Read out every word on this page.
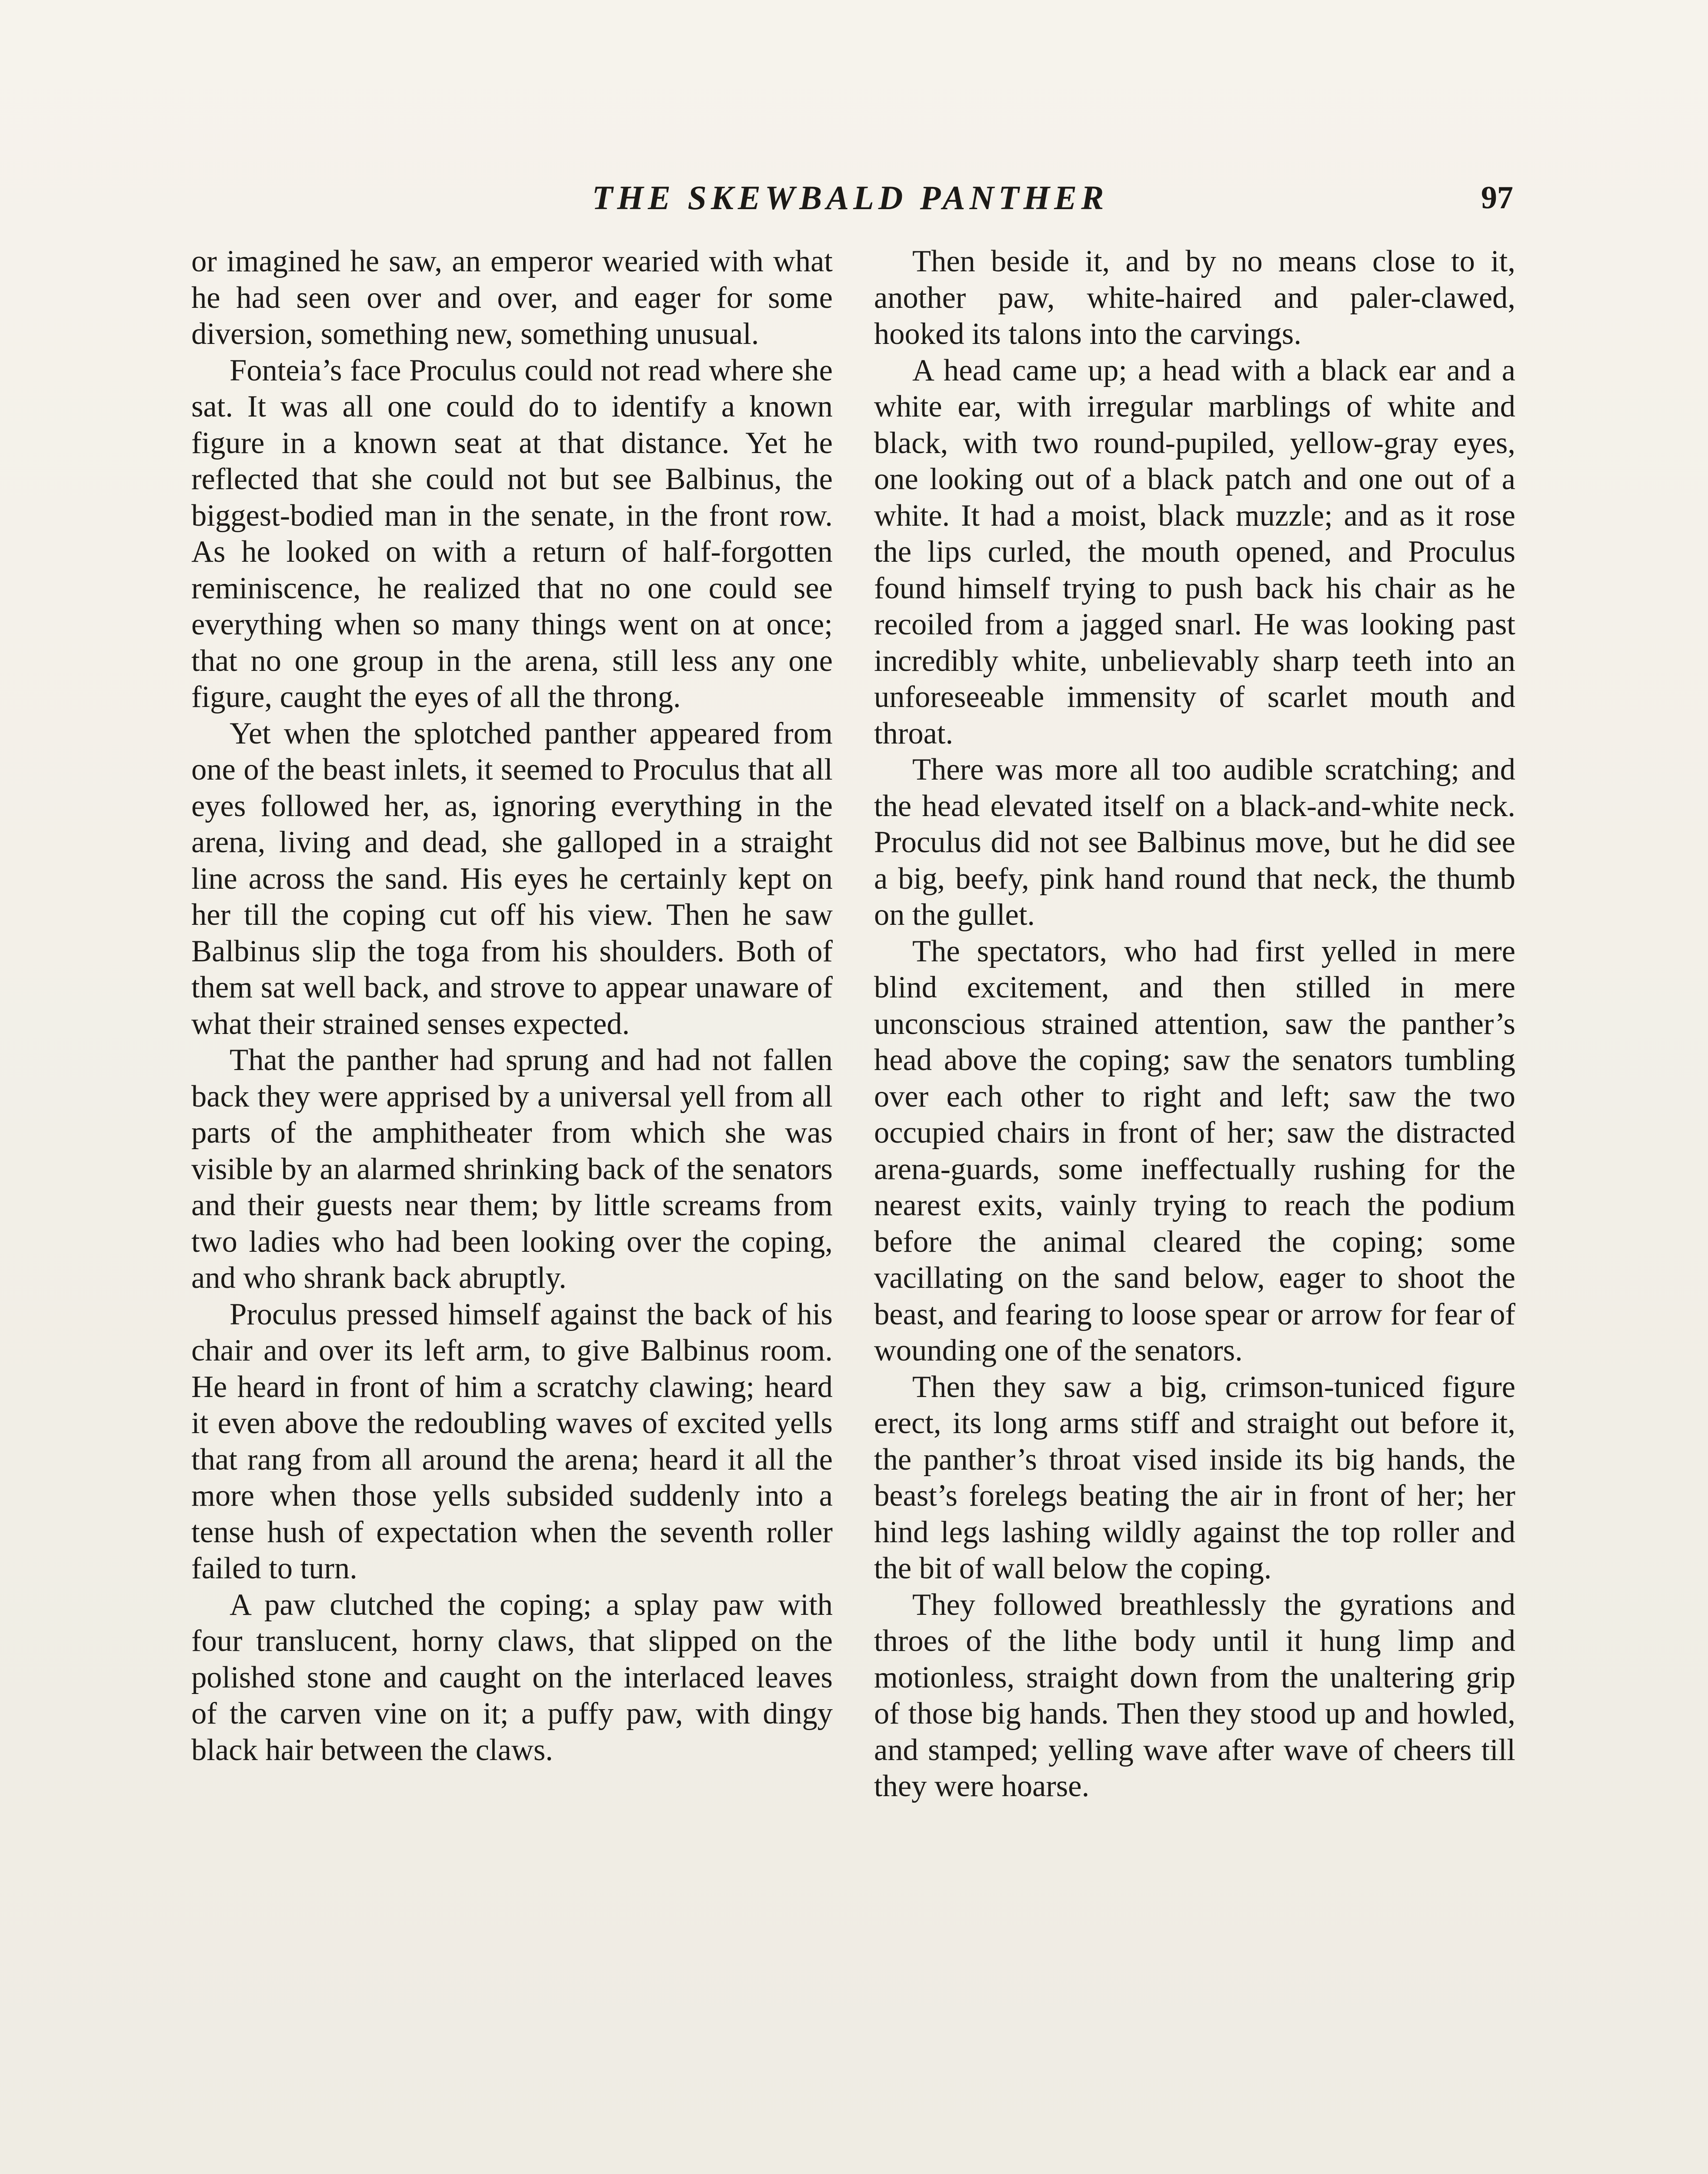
THE SKEWBALD PANTHER	97

or imagined he saw, an emperor wearied with what he had seen over and over, and eager for some diversion, something new, something unusual.

Fonteia’s face Proculus could not read where she sat. It was all one could do to identify a known figure in a known seat at that distance. Yet he reflected that she could not but see Balbinus, the biggest-bodied man in the senate, in the front row. As he looked on with a return of half-forgotten reminiscence, he realized that no one could see everything when so many things went on at once; that no one group in the arena, still less any one figure, caught the eyes of all the throng.

Yet when the splotched panther appeared from one of the beast inlets, it seemed to Proculus that all eyes followed her, as, ignoring everything in the arena, living and dead, she galloped in a straight line across the sand. His eyes he certainly kept on her till the coping cut off his view. Then he saw Balbinus slip the toga from his shoulders. Both of them sat well back, and strove to appear unaware of what their strained senses expected.

That the panther had sprung and had not fallen back they were apprised by a universal yell from all parts of the amphitheater from which she was visible by an alarmed shrinking back of the senators and their guests near them; by little screams from two ladies who had been looking over the coping, and who shrank back abruptly.

Proculus pressed himself against the back of his chair and over its left arm, to give Balbinus room. He heard in front of him a scratchy clawing; heard it even above the redoubling waves of excited yells that rang from all around the arena; heard it all the more when those yells subsided suddenly into a tense hush of expectation when the seventh roller failed to turn.

A paw clutched the coping; a splay paw with four translucent, horny claws, that slipped on the polished stone and caught on the interlaced leaves of the carven vine on it; a puffy paw, with dingy black hair between the claws.

Then beside it, and by no means close to it, another paw, white-haired and paler-clawed, hooked its talons into the carvings.

A head came up; a head with a black ear and a white ear, with irregular marblings of white and black, with two round-pupiled, yellow-gray eyes, one looking out of a black patch and one out of a white. It had a moist, black muzzle; and as it rose the lips curled, the mouth opened, and Proculus found himself trying to push back his chair as he recoiled from a jagged snarl. He was looking past incredibly white, unbelievably sharp teeth into an unforeseeable immensity of scarlet mouth and throat.

There was more all too audible scratching; and the head elevated itself on a black-and-white neck. Proculus did not see Balbinus move, but he did see a big, beefy, pink hand round that neck, the thumb on the gullet.

The spectators, who had first yelled in mere blind excitement, and then stilled in mere unconscious strained attention, saw the panther’s head above the coping; saw the senators tumbling over each other to right and left; saw the two occupied chairs in front of her; saw the distracted arena-guards, some ineffectually rushing for the nearest exits, vainly trying to reach the podium before the animal cleared the coping; some vacillating on the sand below, eager to shoot the beast, and fearing to loose spear or arrow for fear of wounding one of the senators.

Then they saw a big, crimson-tuniced figure erect, its long arms stiff and straight out before it, the panther’s throat vised inside its big hands, the beast’s forelegs beating the air in front of her; her hind legs lashing wildly against the top roller and the bit of wall below the coping.

They followed breathlessly the gyrations and throes of the lithe body until it hung limp and motionless, straight down from the unaltering grip of those big hands. Then they stood up and howled, and stamped; yelling wave after wave of cheers till they were hoarse.
